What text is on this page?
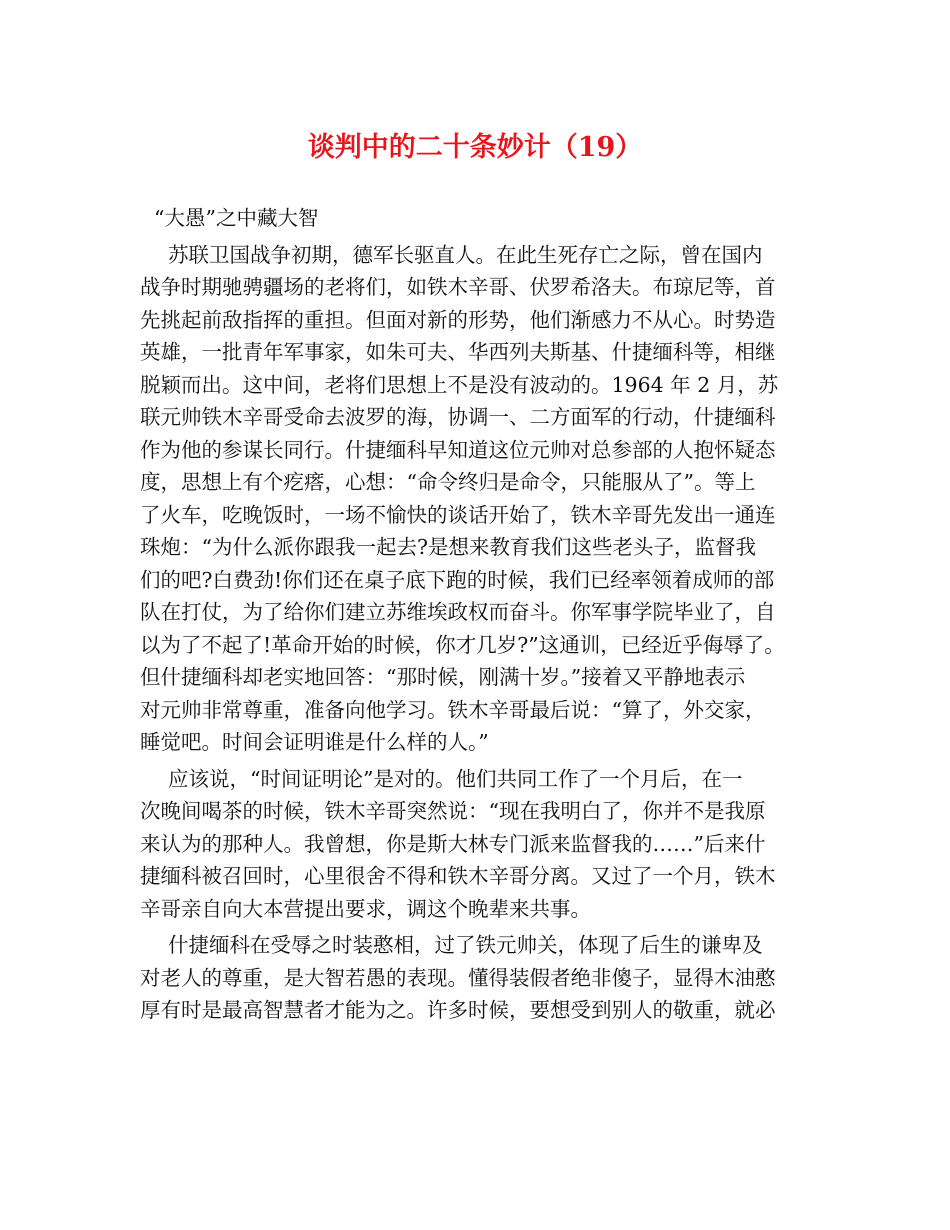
谈判中的二十条妙计（19）
“大愚”之中藏大智
苏联卫国战争初期，德军长驱直人。在此生死存亡之际，曾在国内
战争时期驰骋疆场的老将们，如铁木辛哥、伏罗希洛夫。布琼尼等，首
先挑起前敌指挥的重担。但面对新的形势，他们渐感力不从心。时势造
英雄，一批青年军事家，如朱可夫、华西列夫斯基、什捷缅科等，相继
脱颖而出。这中间，老将们思想上不是没有波动的。1964 年 2 月，苏
联元帅铁木辛哥受命去波罗的海，协调一、二方面军的行动，什捷缅科
作为他的参谋长同行。什捷缅科早知道这位元帅对总参部的人抱怀疑态
度，思想上有个疙瘩，心想：“命令终归是命令，只能服从了”。等上
了火车，吃晚饭时，一场不愉快的谈话开始了，铁木辛哥先发出一通连
珠炮：“为什么派你跟我一起去?是想来教育我们这些老头子，监督我
们的吧?白费劲!你们还在桌子底下跑的时候，我们已经率领着成师的部
队在打仗，为了给你们建立苏维埃政权而奋斗。你军事学院毕业了，自
以为了不起了!革命开始的时候，你才几岁?”这通训，已经近乎侮辱了。
但什捷缅科却老实地回答：“那时候，刚满十岁。”接着又平静地表示
对元帅非常尊重，准备向他学习。铁木辛哥最后说：“算了，外交家，
睡觉吧。时间会证明谁是什么样的人。”
应该说，“时间证明论”是对的。他们共同工作了一个月后，在一
次晚间喝茶的时候，铁木辛哥突然说：“现在我明白了，你并不是我原
来认为的那种人。我曾想，你是斯大林专门派来监督我的……”后来什
捷缅科被召回时，心里很舍不得和铁木辛哥分离。又过了一个月，铁木
辛哥亲自向大本营提出要求，调这个晚辈来共事。
什捷缅科在受辱之时装憨相，过了铁元帅关，体现了后生的谦卑及
对老人的尊重，是大智若愚的表现。懂得装假者绝非傻子，显得木油憨
厚有时是最高智慧者才能为之。许多时候，要想受到别人的敬重，就必
